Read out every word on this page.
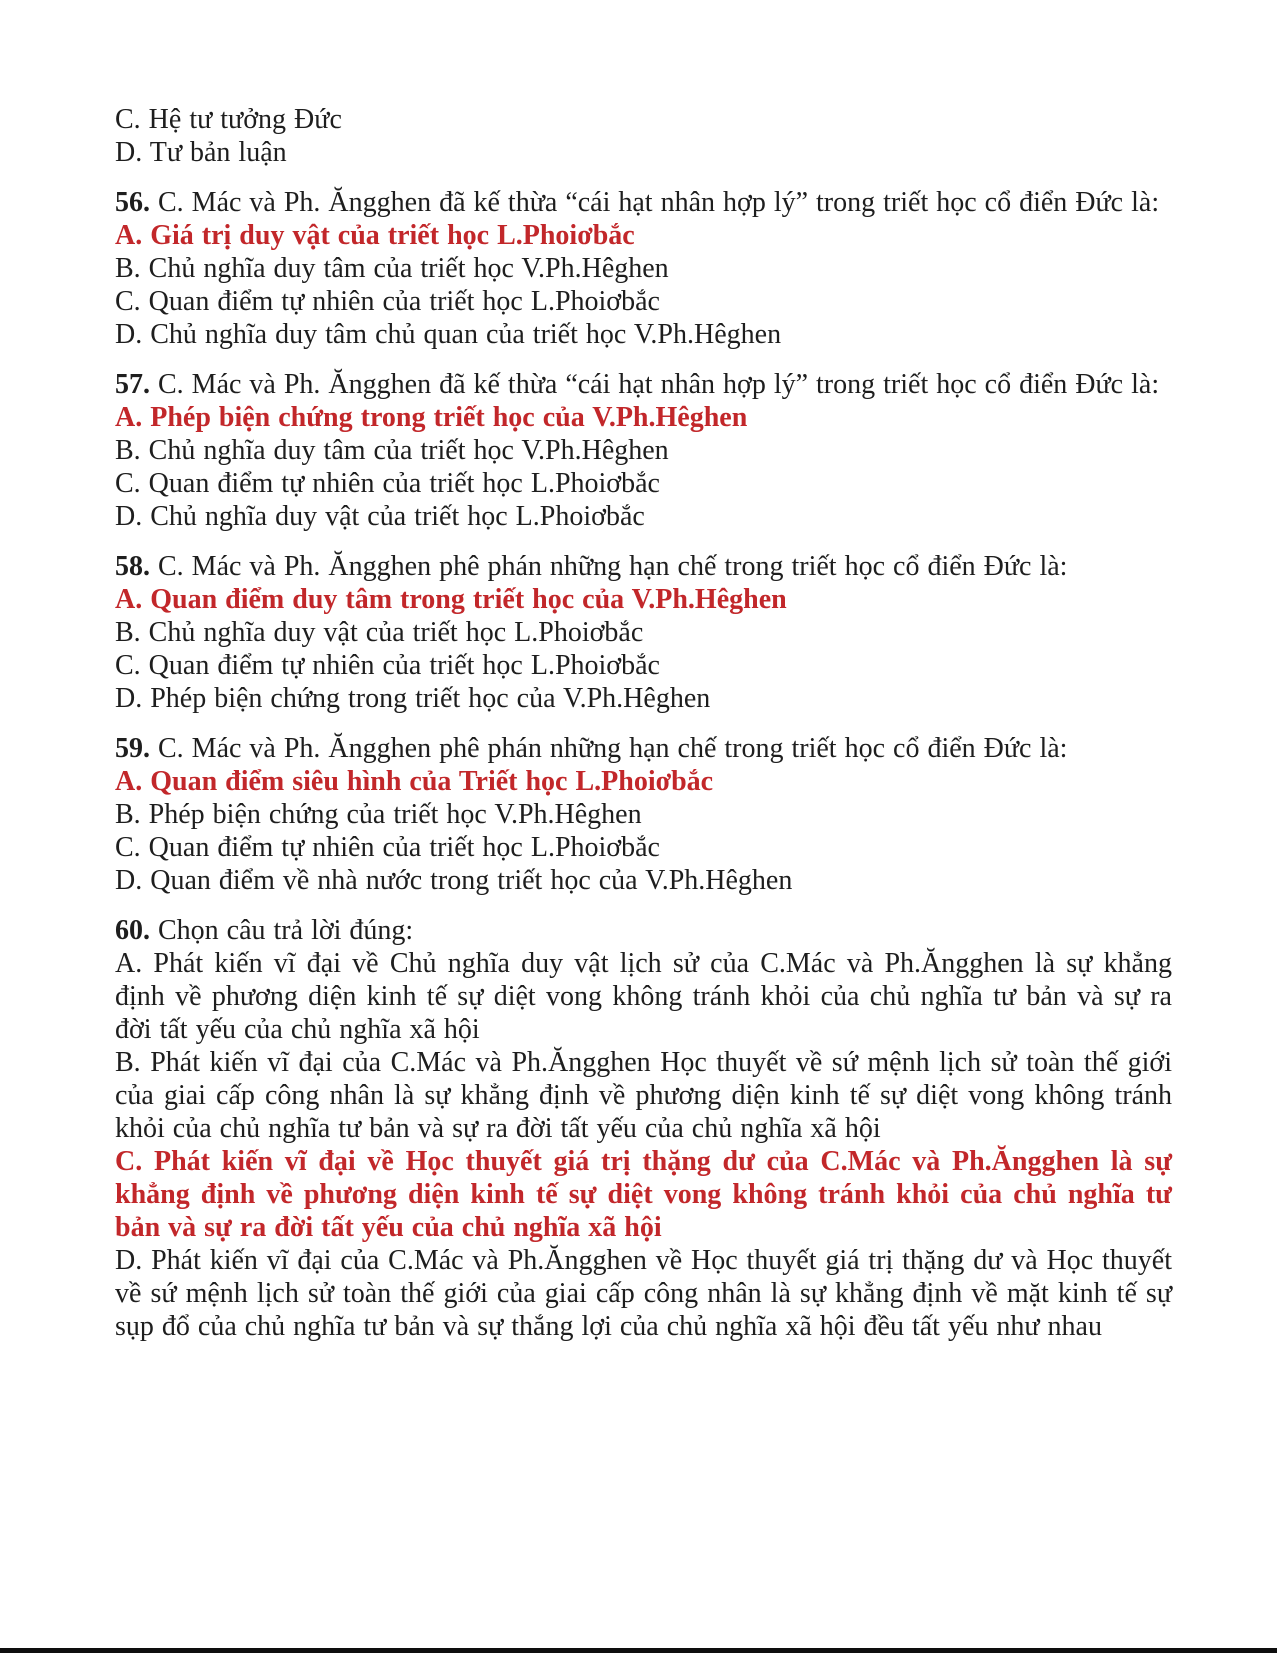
C. Hệ tư tưởng Đức

D. Tư bản luận

56. C. Mác và Ph. Ăngghen đã kế thừa “cái hạt nhân hợp lý” trong triết học cổ điển Đức là:

A. Giá trị duy vật của triết học L.Phoiơbắc

B. Chủ nghĩa duy tâm của triết học V.Ph.Hêghen

C. Quan điểm tự nhiên của triết học L.Phoiơbắc

D. Chủ nghĩa duy tâm chủ quan của triết học V.Ph.Hêghen

57. C. Mác và Ph. Ăngghen đã kế thừa “cái hạt nhân hợp lý” trong triết học cổ điển Đức là:

A. Phép biện chứng trong triết học của V.Ph.Hêghen

B. Chủ nghĩa duy tâm của triết học V.Ph.Hêghen

C. Quan điểm tự nhiên của triết học L.Phoiơbắc

D. Chủ nghĩa duy vật của triết học L.Phoiơbắc

58. C. Mác và Ph. Ăngghen phê phán những hạn chế trong triết học cổ điển Đức là:

A. Quan điểm duy tâm trong triết học của V.Ph.Hêghen

B. Chủ nghĩa duy vật của triết học L.Phoiơbắc

C. Quan điểm tự nhiên của triết học L.Phoiơbắc

D. Phép biện chứng trong triết học của V.Ph.Hêghen

59. C. Mác và Ph. Ăngghen phê phán những hạn chế trong triết học cổ điển Đức là:

A. Quan điểm siêu hình của Triết học L.Phoiơbắc

B. Phép biện chứng của triết học V.Ph.Hêghen

C. Quan điểm tự nhiên của triết học L.Phoiơbắc

D. Quan điểm về nhà nước trong triết học của V.Ph.Hêghen

60. Chọn câu trả lời đúng:

A. Phát kiến vĩ đại về Chủ nghĩa duy vật lịch sử của C.Mác và Ph.Ăngghen là sự khẳng định về phương diện kinh tế sự diệt vong không tránh khỏi của chủ nghĩa tư bản và sự ra đời tất yếu của chủ nghĩa xã hội

B. Phát kiến vĩ đại của C.Mác và Ph.Ăngghen Học thuyết về sứ mệnh lịch sử toàn thế giới của giai cấp công nhân là sự khẳng định về phương diện kinh tế sự diệt vong không tránh khỏi của chủ nghĩa tư bản và sự ra đời tất yếu của chủ nghĩa xã hội

C. Phát kiến vĩ đại về Học thuyết giá trị thặng dư của C.Mác và Ph.Ăngghen là sự khẳng định về phương diện kinh tế sự diệt vong không tránh khỏi của chủ nghĩa tư bản và sự ra đời tất yếu của chủ nghĩa xã hội

D. Phát kiến vĩ đại của C.Mác và Ph.Ăngghen về Học thuyết giá trị thặng dư và Học thuyết về sứ mệnh lịch sử toàn thế giới của giai cấp công nhân là sự khẳng định về mặt kinh tế sự sụp đổ của chủ nghĩa tư bản và sự thắng lợi của chủ nghĩa xã hội đều tất yếu như nhau
